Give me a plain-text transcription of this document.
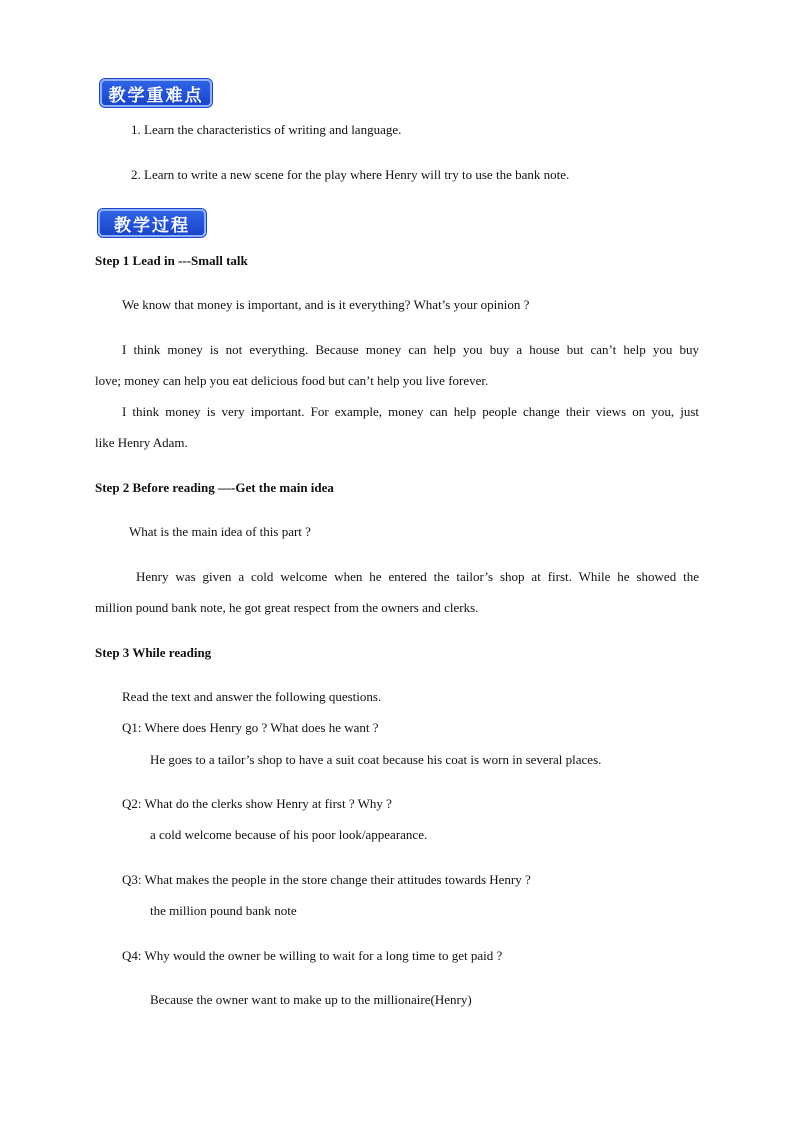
教学重难点
1. Learn the characteristics of writing and language.
2. Learn to write a new scene for the play where Henry will try to use the bank note.
教学过程
Step 1 Lead in ---Small talk
We know that money is important, and is it everything? What’s your opinion ?
I think money is not everything. Because money can help you buy a house but can’t help you buy
love; money can help you eat delicious food but can’t help you live forever.
I think money is very important. For example, money can help people change their views on you, just
like Henry Adam.
Step 2 Before reading —-Get the main idea
What is the main idea of this part ?
Henry was given a cold welcome when he entered the tailor’s shop at first. While he showed the
million pound bank note, he got great respect from the owners and clerks.
Step 3 While reading
Read the text and answer the following questions.
Q1: Where does Henry go ? What does he want ?
He goes to a tailor’s shop to have a suit coat because his coat is worn in several places.
Q2: What do the clerks show Henry at first ? Why ?
a cold welcome because of his poor look/appearance.
Q3: What makes the people in the store change their attitudes towards Henry ?
the million pound bank note
Q4: Why would the owner be willing to wait for a long time to get paid ?
Because the owner want to make up to the millionaire(Henry)
